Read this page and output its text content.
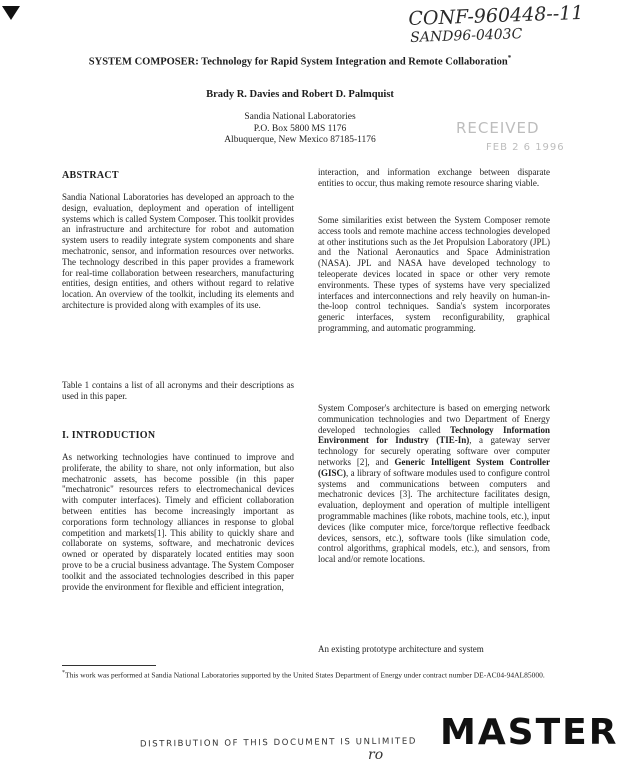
CONF-960448--11
SAND96-0403C
RECEIVED
FEB 2 6 1996
SYSTEM COMPOSER: Technology for Rapid System Integration and Remote Collaboration*
Brady R. Davies and Robert D. Palmquist
Sandia National Laboratories
P.O. Box 5800 MS 1176
Albuquerque, New Mexico 87185-1176
ABSTRACT

Sandia National Laboratories has developed an approach to the design, evaluation, deployment and operation of intelligent systems which is called System Composer. This toolkit provides an infrastructure and architecture for robot and automation system users to readily integrate system components and share mechatronic, sensor, and information resources over networks. The technology described in this paper provides a framework for real-time collaboration between researchers, manufacturing entities, design entities, and others without regard to relative location. An overview of the toolkit, including its elements and architecture is provided along with examples of its use.

Table 1 contains a list of all acronyms and their descriptions as used in this paper.

I. INTRODUCTION

As networking technologies have continued to improve and proliferate, the ability to share, not only information, but also mechatronic assets, has become possible (in this paper "mechatronic" resources refers to electromechanical devices with computer interfaces). Timely and efficient collaboration between entities has become increasingly important as corporations form technology alliances in response to global competition and markets[1]. This ability to quickly share and collaborate on systems, software, and mechatronic devices owned or operated by disparately located entities may soon prove to be a crucial business advantage. The System Composer toolkit and the associated technologies described in this paper provide the environment for flexible and efficient integration,

interaction, and information exchange between disparate entities to occur, thus making remote resource sharing viable.

Some similarities exist between the System Composer remote access tools and remote machine access technologies developed at other institutions such as the Jet Propulsion Laboratory (JPL) and the National Aeronautics and Space Administration (NASA). JPL and NASA have developed technology to teleoperate devices located in space or other very remote environments. These types of systems have very specialized interfaces and interconnections and rely heavily on human-in-the-loop control techniques. Sandia's system incorporates generic interfaces, system reconfigurability, graphical programming, and automatic programming.

System Composer's architecture is based on emerging network communication technologies and two Department of Energy developed technologies called Technology Information Environment for Industry (TIE-In), a gateway server technology for securely operating software over computer networks [2], and Generic Intelligent System Controller (GISC), a library of software modules used to configure control systems and communications between computers and mechatronic devices [3]. The architecture facilitates design, evaluation, deployment and operation of multiple intelligent programmable machines (like robots, machine tools, etc.), input devices (like computer mice, force/torque reflective feedback devices, sensors, etc.), software tools (like simulation code, control algorithms, graphical models, etc.), and sensors, from local and/or remote locations.

An existing prototype architecture and system

*This work was performed at Sandia National Laboratories supported by the United States Department of Energy under contract number DE-AC04-94AL85000.
DISTRIBUTION OF THIS DOCUMENT IS UNLIMITED
ro
MASTER
